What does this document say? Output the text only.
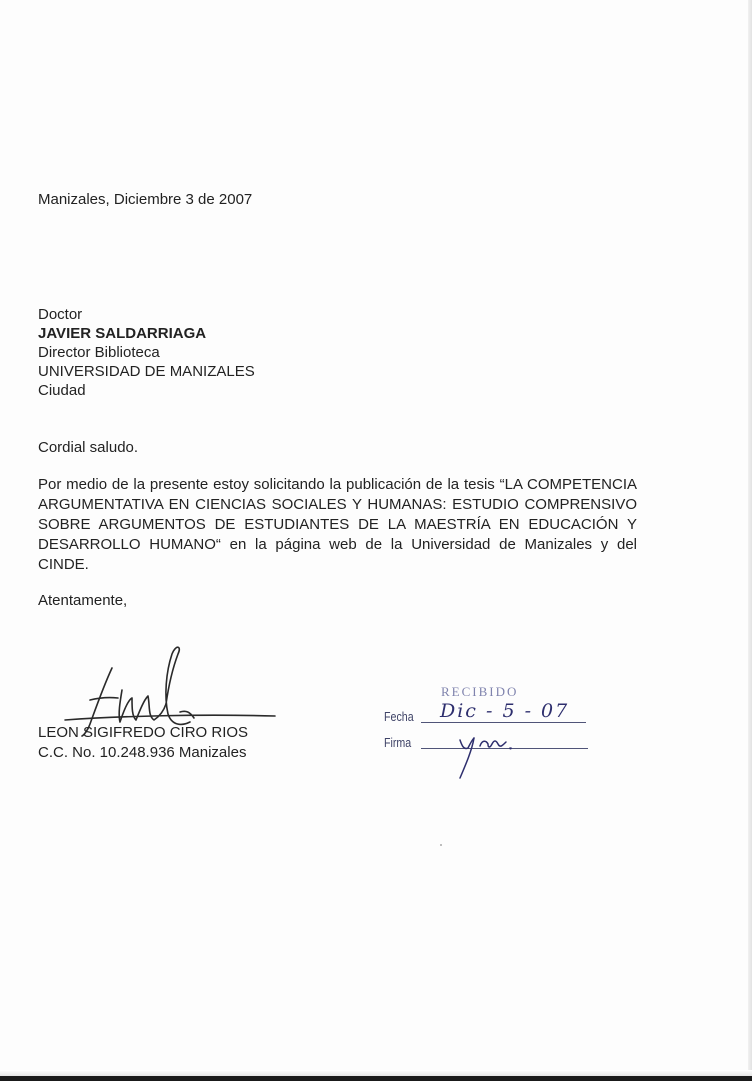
Manizales, Diciembre 3 de 2007
Doctor
JAVIER SALDARRIAGA
Director Biblioteca
UNIVERSIDAD DE MANIZALES
Ciudad
Cordial saludo.
Por medio de la presente estoy solicitando la publicación de la tesis “LA COMPETENCIA ARGUMENTATIVA EN CIENCIAS SOCIALES Y HUMANAS: ESTUDIO COMPRENSIVO SOBRE ARGUMENTOS DE ESTUDIANTES DE LA MAESTRÍA EN EDUCACIÓN Y DESARROLLO HUMANO“ en la página web de la Universidad de Manizales y del CINDE.
Atentamente,
LEON SIGIFREDO CIRO RIOS
C.C. No. 10.248.936 Manizales
RECIBIDO
Fecha
Firma
Dic - 5 - 07
